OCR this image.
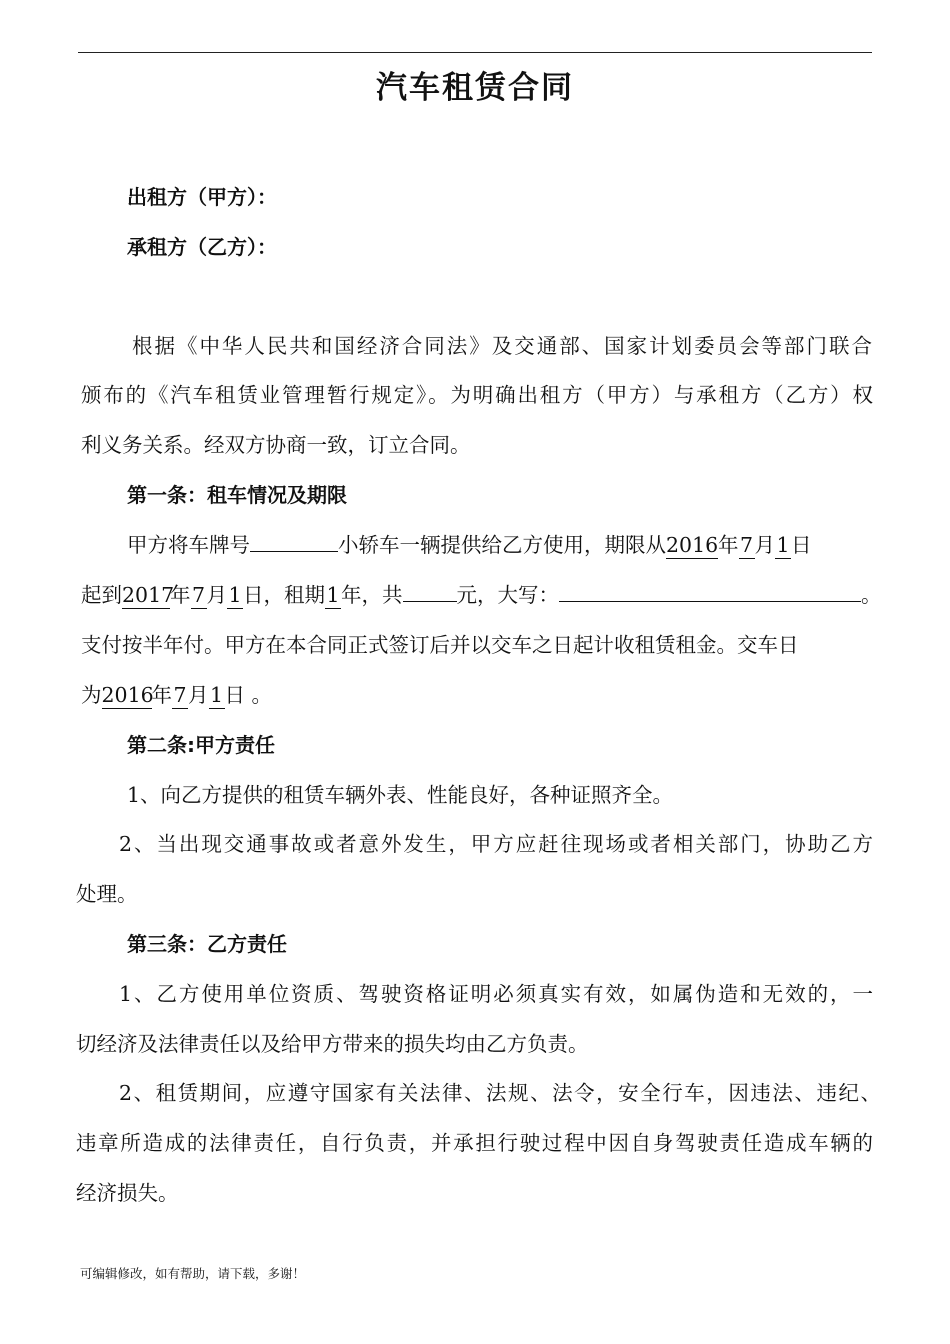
汽车租赁合同
出租方（甲方）：
承租方（乙方）：
根据《中华人民共和国经济合同法》及交通部、国家计划委员会等部门联合
颁布的《汽车租赁业管理暂行规定》。为明确出租方（甲方）与承租方（乙方）权
利义务关系。经双方协商一致，订立合同。
第一条：租车情况及期限
甲方将车牌号	小轿车一辆提供给乙方使用，期限从2016年7月1日
起到2017年7月1日，租期1年，共	元，大写：	。
支付按半年付。甲方在本合同正式签订后并以交车之日起计收租赁租金。交车日
为2016年7月1日 。
第二条:甲方责任
1、向乙方提供的租赁车辆外表、性能良好，各种证照齐全。
2、当出现交通事故或者意外发生，甲方应赶往现场或者相关部门，协助乙方
处理。
第三条：乙方责任
1、乙方使用单位资质、驾驶资格证明必须真实有效，如属伪造和无效的，一
切经济及法律责任以及给甲方带来的损失均由乙方负责。
2、租赁期间，应遵守国家有关法律、法规、法令，安全行车，因违法、违纪、
违章所造成的法律责任，自行负责，并承担行驶过程中因自身驾驶责任造成车辆的
经济损失。
可编辑修改，如有帮助，请下载，多谢！
